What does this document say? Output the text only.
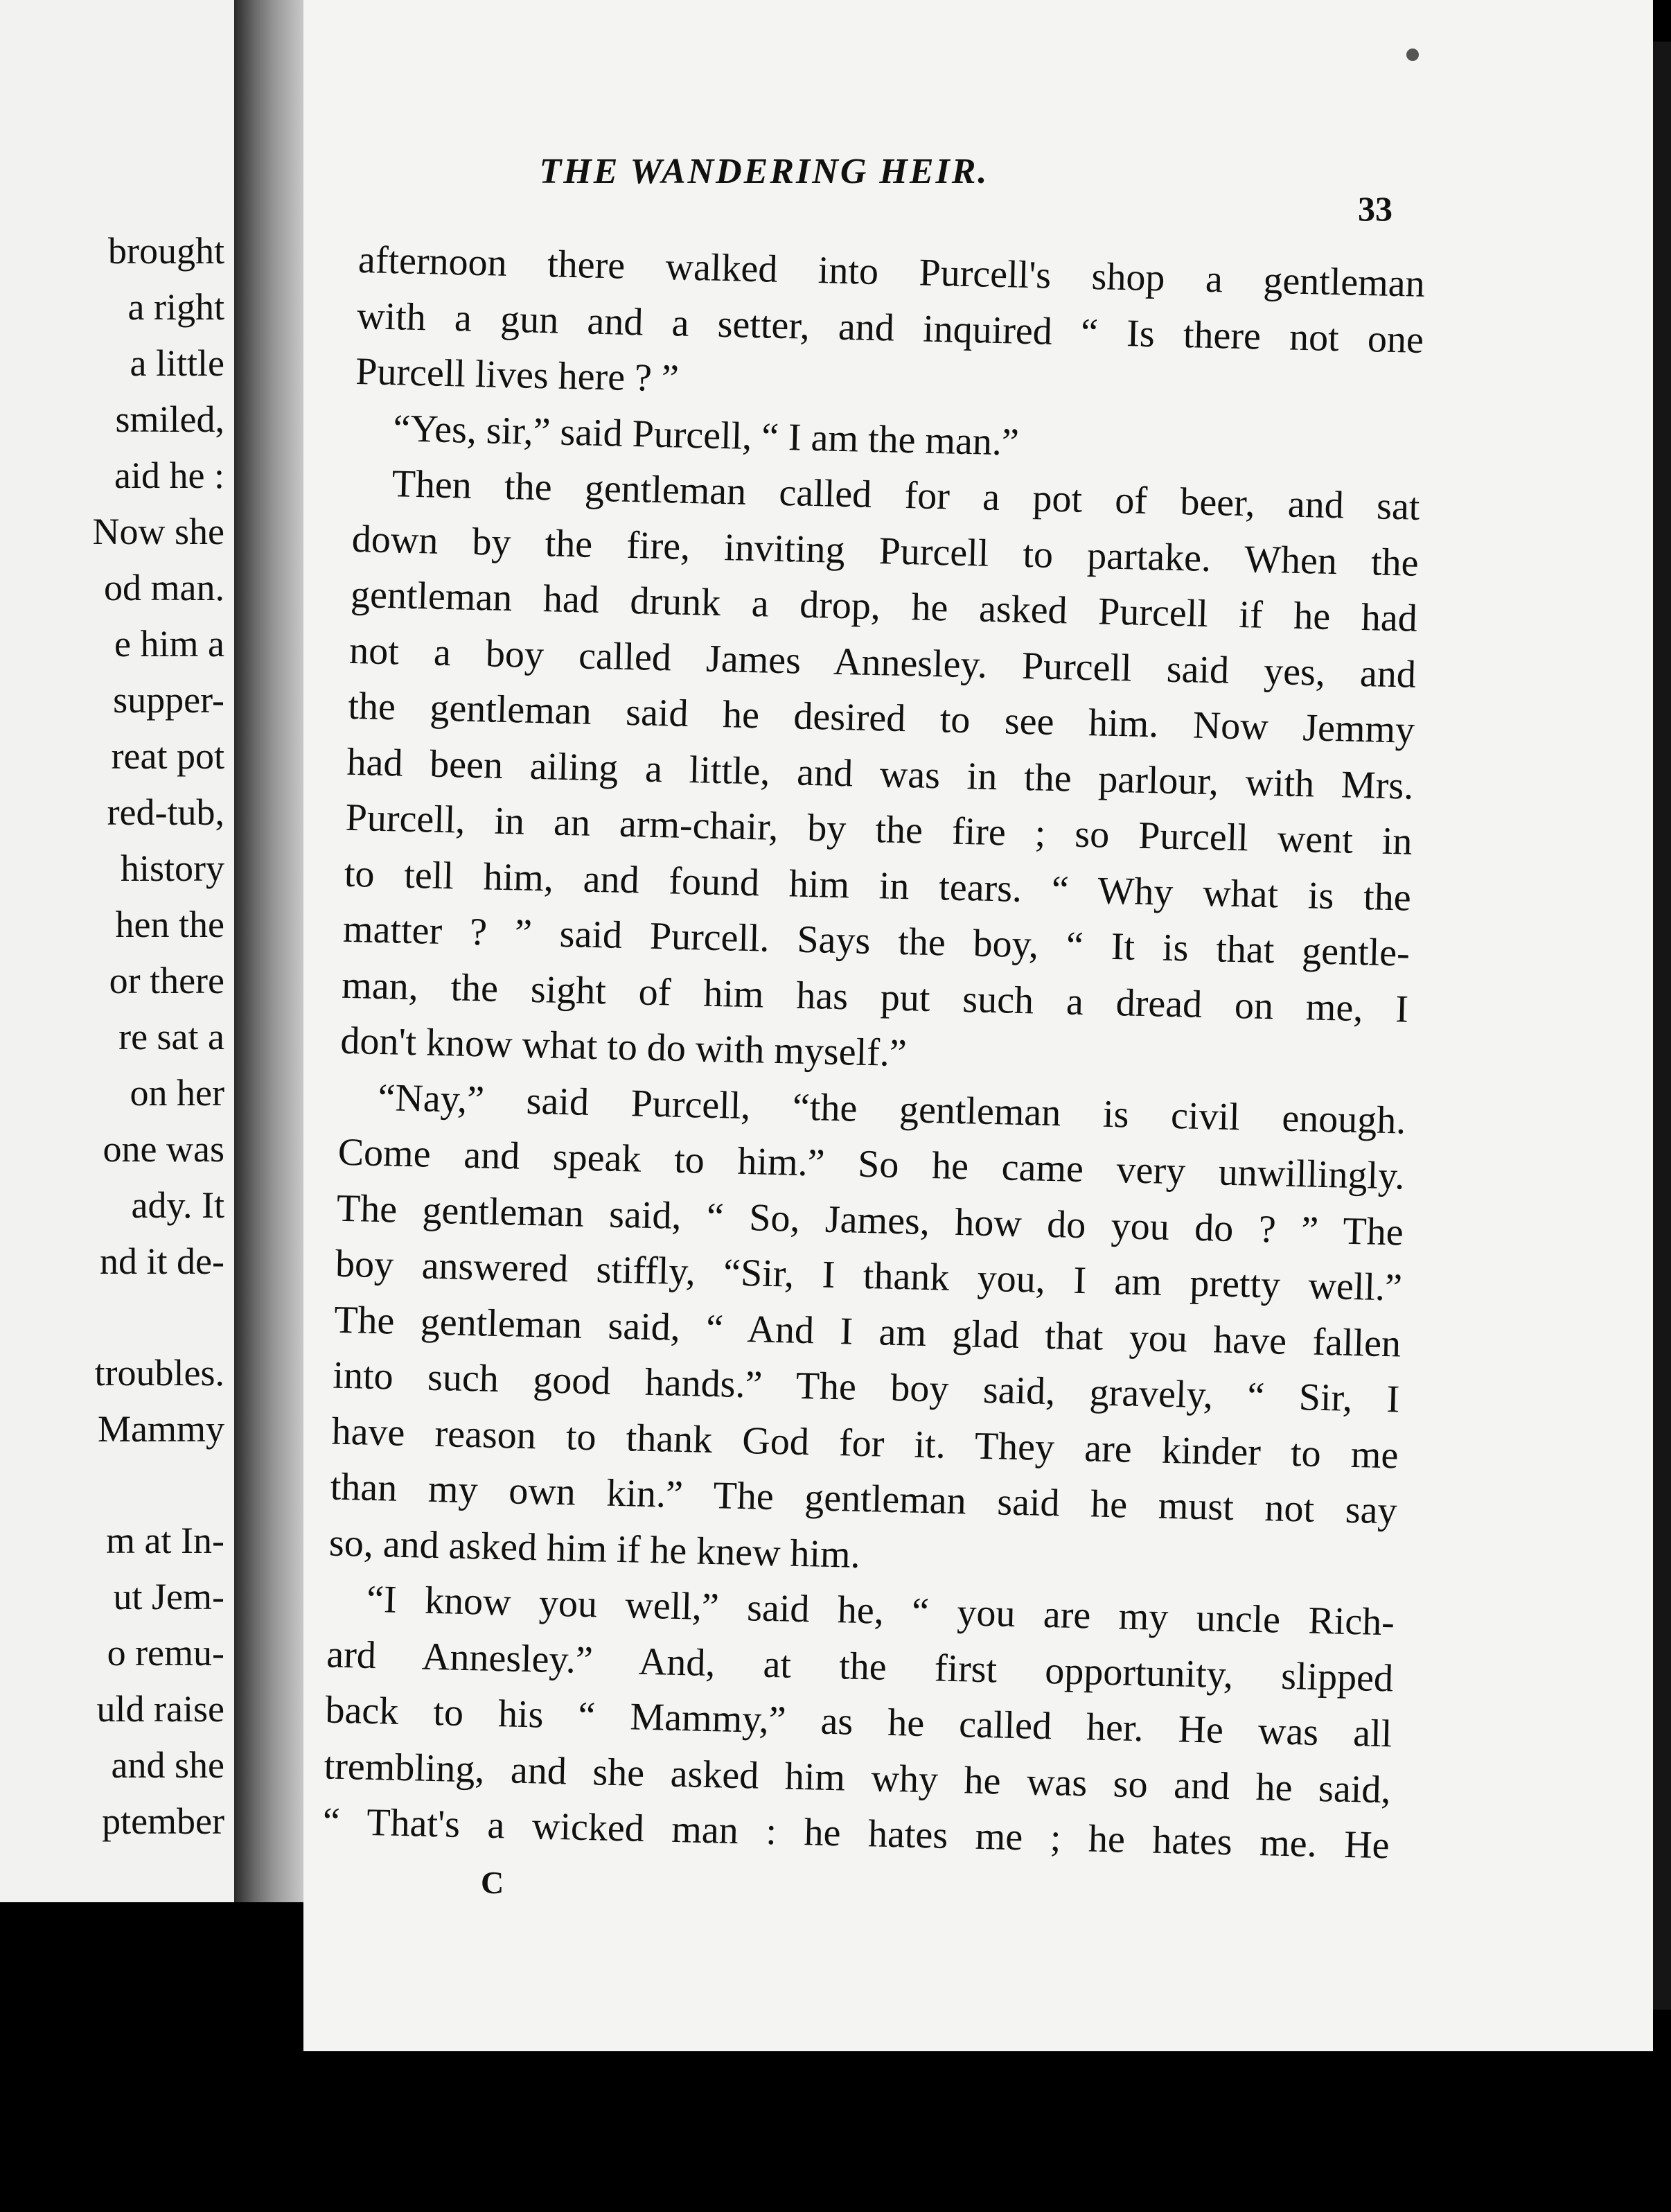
brought
a right
a little
smiled,
aid he :
Now she
od man.
e him a
supper-
reat pot
red-tub,
history
hen the
or there
re sat a
on her
one was
ady. It
nd it de-
troubles.
Mammy
m at In-
ut Jem-
o remu-
uld raise
and she
ptember
THE WANDERING HEIR.
33
afternoon there walked into Purcell's shop a gentleman
with a gun and a setter, and inquired “ Is there not one
Purcell lives here ? ”
“Yes, sir,” said Purcell, “ I am the man.”
Then the gentleman called for a pot of beer, and sat
down by the fire, inviting Purcell to partake. When the
gentleman had drunk a drop, he asked Purcell if he had
not a boy called James Annesley. Purcell said yes, and
the gentleman said he desired to see him. Now Jemmy
had been ailing a little, and was in the parlour, with Mrs.
Purcell, in an arm-chair, by the fire ; so Purcell went in
to tell him, and found him in tears. “ Why what is the
matter ? ” said Purcell. Says the boy, “ It is that gentle-
man, the sight of him has put such a dread on me, I
don't know what to do with myself.”
“Nay,” said Purcell, “the gentleman is civil enough.
Come and speak to him.” So he came very unwillingly.
The gentleman said, “ So, James, how do you do ? ” The
boy answered stiffly, “Sir, I thank you, I am pretty well.”
The gentleman said, “ And I am glad that you have fallen
into such good hands.” The boy said, gravely, “ Sir, I
have reason to thank God for it. They are kinder to me
than my own kin.” The gentleman said he must not say
so, and asked him if he knew him.
“I know you well,” said he, “ you are my uncle Rich-
ard Annesley.” And, at the first opportunity, slipped
back to his “ Mammy,” as he called her. He was all
trembling, and she asked him why he was so and he said,
“ That's a wicked man : he hates me ; he hates me. He
C
